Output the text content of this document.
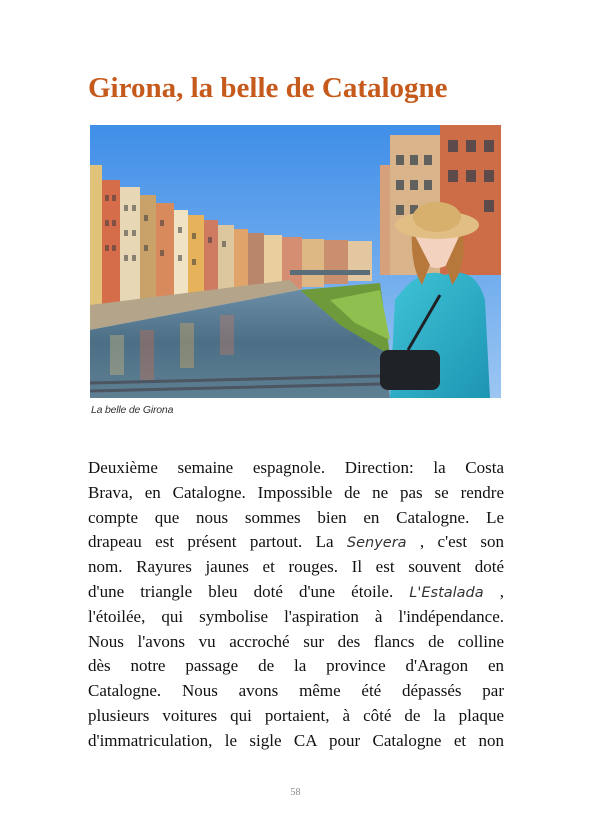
Girona, la belle de Catalogne
La belle de Girona
Deuxième semaine espagnole. Direction: la Costa
Brava, en Catalogne. Impossible de ne pas se rendre
compte que nous sommes bien en Catalogne. Le
drapeau est présent partout. La Senyera , c'est son
nom. Rayures jaunes et rouges. Il est souvent doté
d'une triangle bleu doté d'une étoile. L'Estalada ,
l'étoilée, qui symbolise l'aspiration à l'indépendance.
Nous l'avons vu accroché sur des flancs de colline
dès notre passage de la province d'Aragon en
Catalogne. Nous avons même été dépassés par
plusieurs voitures qui portaient, à côté de la plaque
d'immatriculation, le sigle CA pour Catalogne et non
58
